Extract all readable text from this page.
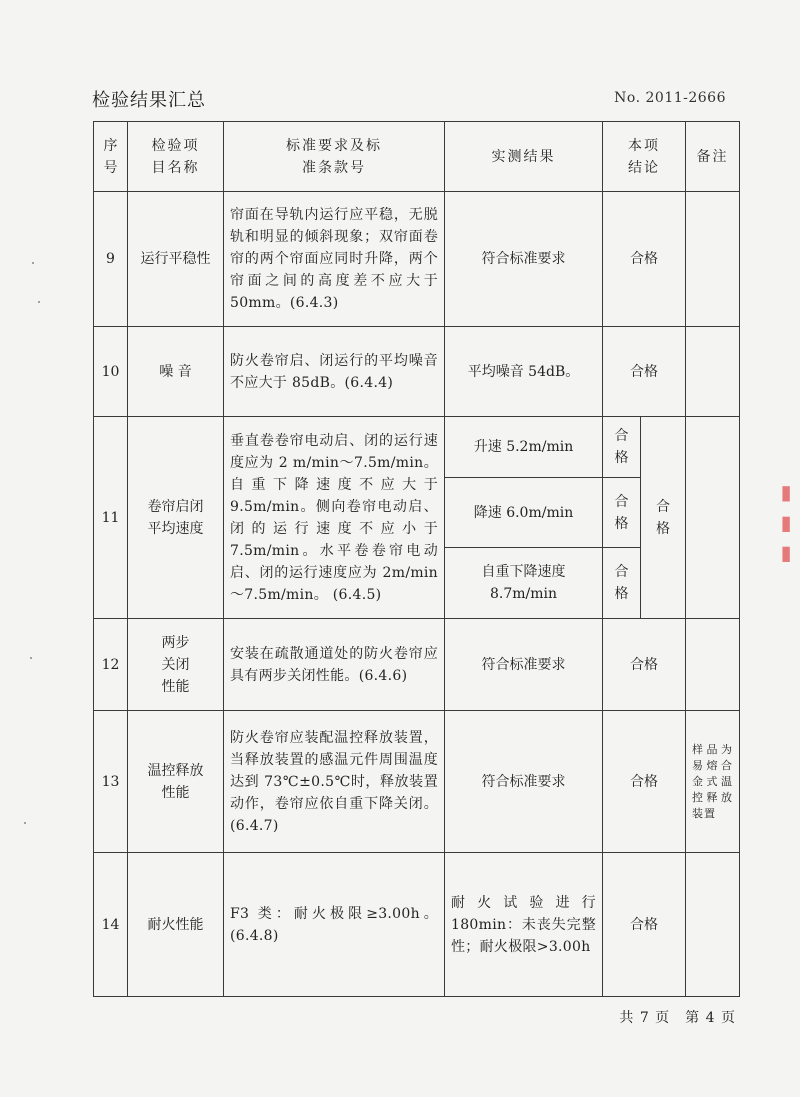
检验结果汇总	No. 2011-2666
序号	检验项目名称	标准要求及标准条款号	实测结果	本项结论		备注
9	运行平稳性	帘面在导轨内运行应平稳，无脱轨和明显的倾斜现象；双帘面卷帘的两个帘面应同时升降，两个帘面之间的高度差不应大于 50mm。(6.4.3)	符合标准要求	合格		
10	噪 音	防火卷帘启、闭运行的平均噪音不应大于 85dB。(6.4.4)	平均噪音 54dB。	合格		
11	卷帘启闭平均速度	垂直卷卷帘电动启、闭的运行速度应为 2 m/min～7.5m/min。自重下降速度不应大于 9.5m/min。侧向卷帘电动启、闭的运行速度不应小于 7.5m/min。水平卷卷帘电动启、闭的运行速度应为 2m/min～7.5m/min。 (6.4.5)	升速 5.2m/min	合格	合格	

			降速 6.0m/min	合格		

			自重下降速度 8.7m/min	合格		

12	两步关闭性能	安装在疏散通道处的防火卷帘应具有两步关闭性能。(6.4.6)	符合标准要求	合格		
13	温控释放性能	防火卷帘应装配温控释放装置，当释放装置的感温元件周围温度达到 73℃±0.5℃时，释放装置动作，卷帘应依自重下降关闭。(6.4.7)	符合标准要求	合格		样品为易熔合金式温控释放装置
14	耐火性能	F3 类：耐火极限≥3.00h。(6.4.8)	耐火试验进行 180min：未丧失完整性；耐火极限>3.00h	合格		
▮ ▮ ▮
共 7 页　第 4 页
